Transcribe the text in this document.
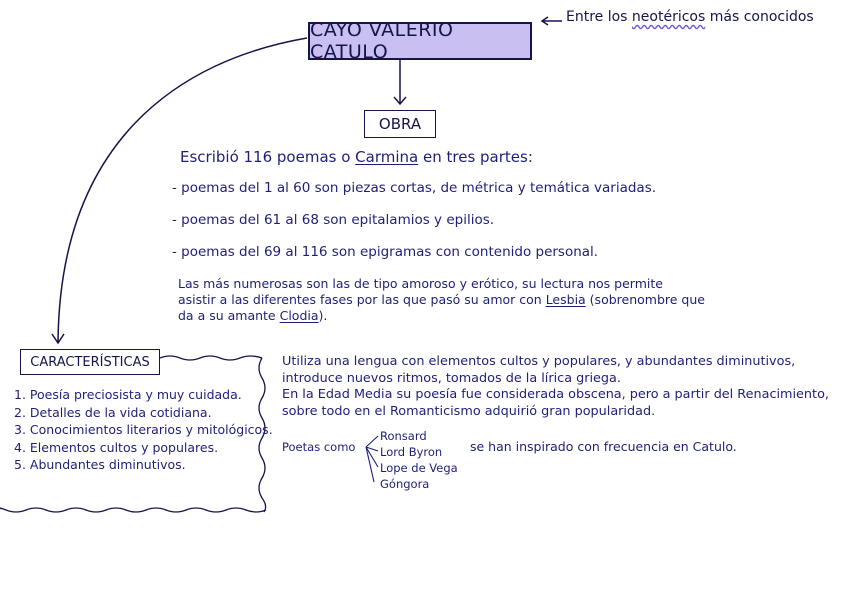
CAYO VALERIO CATULO
Entre los neotéricos más conocidos
OBRA
Escribió 116 poemas o Carmina en tres partes:
- poemas del 1 al 60 son piezas cortas, de métrica y temática variadas.
- poemas del 61 al 68 son epitalamios y epilios.
- poemas del 69 al 116 son epigramas con contenido personal.
Las más numerosas son las de tipo amoroso y erótico, su lectura nos permite
asistir a las diferentes fases por las que pasó su amor con Lesbia (sobrenombre que
da a su amante Clodia).
CARACTERÍSTICAS
1. Poesía preciosista y muy cuidada.
2. Detalles de la vida cotidiana.
3. Conocimientos literarios y mitológicos.
4. Elementos cultos y populares.
5. Abundantes diminutivos.
Utiliza una lengua con elementos cultos y populares, y abundantes diminutivos,
introduce nuevos ritmos, tomados de la lírica griega.
En la Edad Media su poesía fue considerada obscena, pero a partir del Renacimiento,
sobre todo en el Romanticismo adquirió gran popularidad.
Poetas como
Ronsard
Lord Byron
Lope de Vega
Góngora
se han inspirado con frecuencia en Catulo.
